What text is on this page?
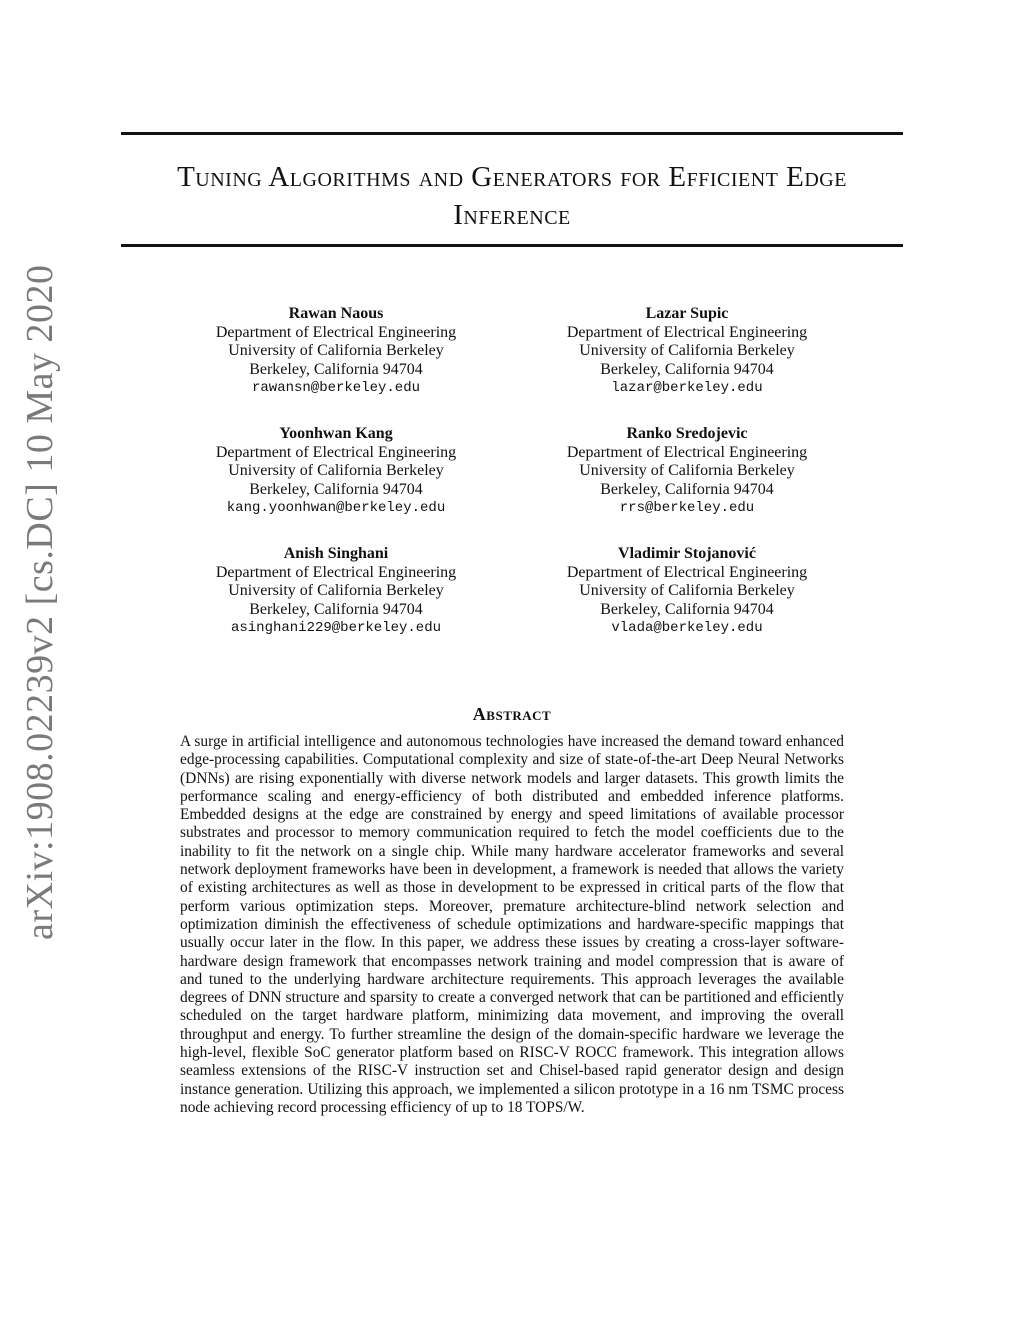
arXiv:1908.02239v2 [cs.DC] 10 May 2020
Tuning Algorithms and Generators for Efficient Edge Inference
Rawan Naous
Department of Electrical Engineering
University of California Berkeley
Berkeley, California 94704
rawansn@berkeley.edu
Lazar Supic
Department of Electrical Engineering
University of California Berkeley
Berkeley, California 94704
lazar@berkeley.edu
Yoonhwan Kang
Department of Electrical Engineering
University of California Berkeley
Berkeley, California 94704
kang.yoonhwan@berkeley.edu
Ranko Sredojevic
Department of Electrical Engineering
University of California Berkeley
Berkeley, California 94704
rrs@berkeley.edu
Anish Singhani
Department of Electrical Engineering
University of California Berkeley
Berkeley, California 94704
asinghani229@berkeley.edu
Vladimir Stojanović
Department of Electrical Engineering
University of California Berkeley
Berkeley, California 94704
vlada@berkeley.edu
Abstract

A surge in artificial intelligence and autonomous technologies have increased the demand toward enhanced edge-processing capabilities. Computational complexity and size of state-of-the-art Deep Neural Networks (DNNs) are rising exponentially with diverse network models and larger datasets. This growth limits the performance scaling and energy-efficiency of both distributed and embedded inference platforms. Embedded designs at the edge are constrained by energy and speed limitations of available processor substrates and processor to memory communication required to fetch the model coefficients due to the inability to fit the network on a single chip. While many hardware accelerator frameworks and several network deployment frameworks have been in development, a framework is needed that allows the variety of existing architectures as well as those in development to be expressed in critical parts of the flow that perform various optimization steps. Moreover, premature architecture-blind network selection and optimization diminish the effectiveness of schedule optimizations and hardware-specific mappings that usually occur later in the flow. In this paper, we address these issues by creating a cross-layer software-hardware design framework that encompasses network training and model compression that is aware of and tuned to the underlying hardware architecture requirements. This approach leverages the available degrees of DNN structure and sparsity to create a converged network that can be partitioned and efficiently scheduled on the target hardware platform, minimizing data movement, and improving the overall throughput and energy. To further streamline the design of the domain-specific hardware we leverage the high-level, flexible SoC generator platform based on RISC-V ROCC framework. This integration allows seamless extensions of the RISC-V instruction set and Chisel-based rapid generator design and design instance generation. Utilizing this approach, we implemented a silicon prototype in a 16 nm TSMC process node achieving record processing efficiency of up to 18 TOPS/W.
